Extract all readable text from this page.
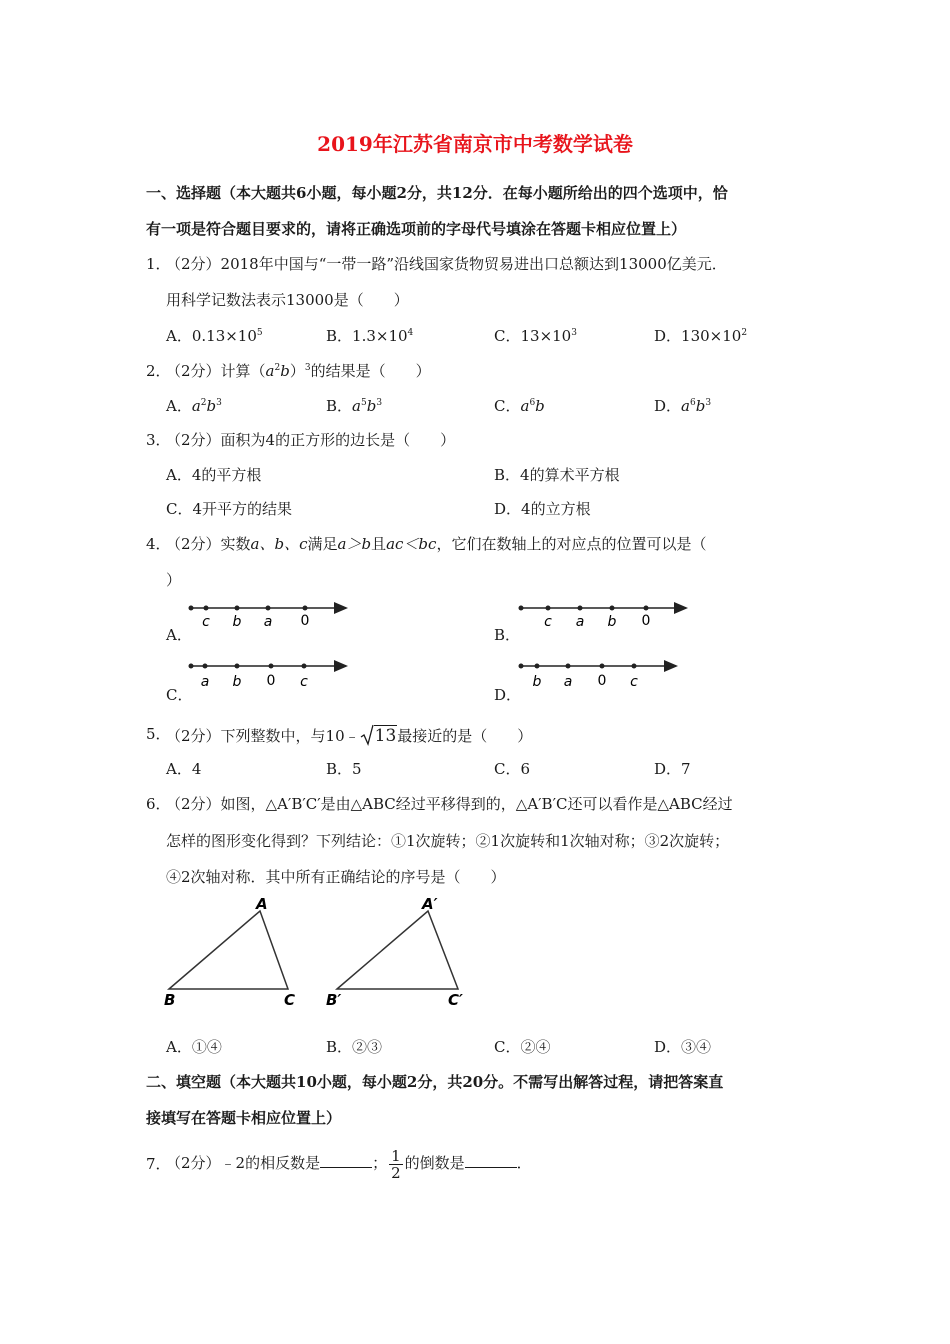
2019年江苏省南京市中考数学试卷
一、选择题（本大题共6小题，每小题2分，共12分．在每小题所给出的四个选项中，恰
有一项是符合题目要求的，请将正确选项前的字母代号填涂在答题卡相应位置上）
1．
（2分）2018年中国与“一带一路”沿线国家货物贸易进出口总额达到13000亿美元．
用科学记数法表示13000是（　　）
A．$0.13\times 10^5$	B．$1.3\times 10^4$	C．$13\times 10^3$	D．$130\times 10^2$
2．
（2分）计算$(a^2b)^3$的结果是（　　）
A．$a^2b^3$	B．$a^5b^3$	C．$a^6b$	D．$a^6b^3$
3．
（2分）面积为4的正方形的边长是（　　）
A．4的平方根	B．4的算术平方根
C．4开平方的结果	D．4的立方根
4．
（2分）实数a、b、c满足a＞b且ac＜bc，它们在数轴上的对应点的位置可以是（
）
A．
c b a 0
B．
c a b 0
C．
a b 0 c
D．
b a 0 c
5．
（2分）下列整数中，与10﹣ 13最接近的是（　　）
A．4	B．5	C．6	D．7
6．
（2分）如图，△A′B′C′是由△ABC经过平移得到的，△A′B′C还可以看作是△ABC经过
怎样的图形变化得到？下列结论：①1次旋转；②1次旋转和1次轴对称；③2次旋转；
④2次轴对称．其中所有正确结论的序号是（　　）
A
B	C
A′
B′	C′
A．①④	B．②③	C．②④	D．③④
二、填空题（本大题共10小题，每小题2分，共20分。不需写出解答过程，请把答案直
接填写在答题卡相应位置上）
7．
（2分）﹣2的相反数是	； $\frac{1}{2}$ 的倒数是	．
